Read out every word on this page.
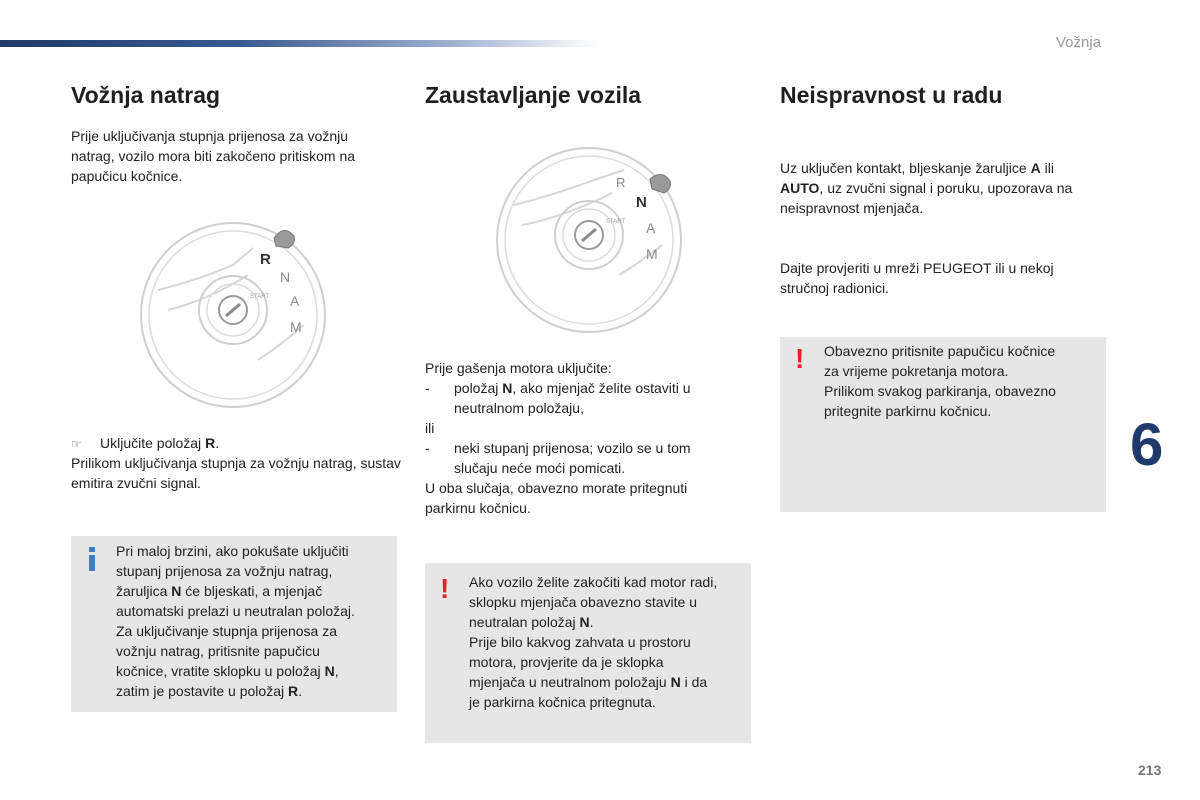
Vožnja
Vožnja natrag

Prije uključivanja stupnja prijenosa za vožnju natrag, vozilo mora biti zakočeno pritiskom na papučicu kočnice.

R
N
A
M
START

☞ Uključite položaj R.

Prilikom uključivanja stupnja za vožnju natrag, sustav emitira zvučni signal.

Pri maloj brzini, ako pokušate uključiti
stupanj prijenosa za vožnju natrag,
žaruljica N će bljeskati, a mjenjač
automatski prelazi u neutralan položaj.
Za uključivanje stupnja prijenosa za
vožnju natrag, pritisnite papučicu
kočnice, vratite sklopku u položaj N,
zatim je postavite u položaj R.
Zaustavljanje vozila
R
N
A
M
START
Prije gašenja motora uključite:
-	položaj N, ako mjenjač želite ostaviti u
neutralnom položaju,
ili
-	neki stupanj prijenosa; vozilo se u tom
slučaju neće moći pomicati.
U oba slučaja, obavezno morate pritegnuti
parkirnu kočnicu.
! Ako vozilo želite zakočiti kad motor radi,
sklopku mjenjača obavezno stavite u
neutralan položaj N.
Prije bilo kakvog zahvata u prostoru
motora, provjerite da je sklopka
mjenjača u neutralnom položaju N i da
je parkirna kočnica pritegnuta.
Neispravnost u radu
Uz uključen kontakt, bljeskanje žaruljice A ili
AUTO, uz zvučni signal i poruku, upozorava na
neispravnost mjenjača.
Dajte provjeriti u mreži PEUGEOT ili u nekoj
stručnoj radionici.
! Obavezno pritisnite papučicu kočnice
za vrijeme pokretanja motora.
Prilikom svakog parkiranja, obavezno
pritegnite parkirnu kočnicu.	6
213
